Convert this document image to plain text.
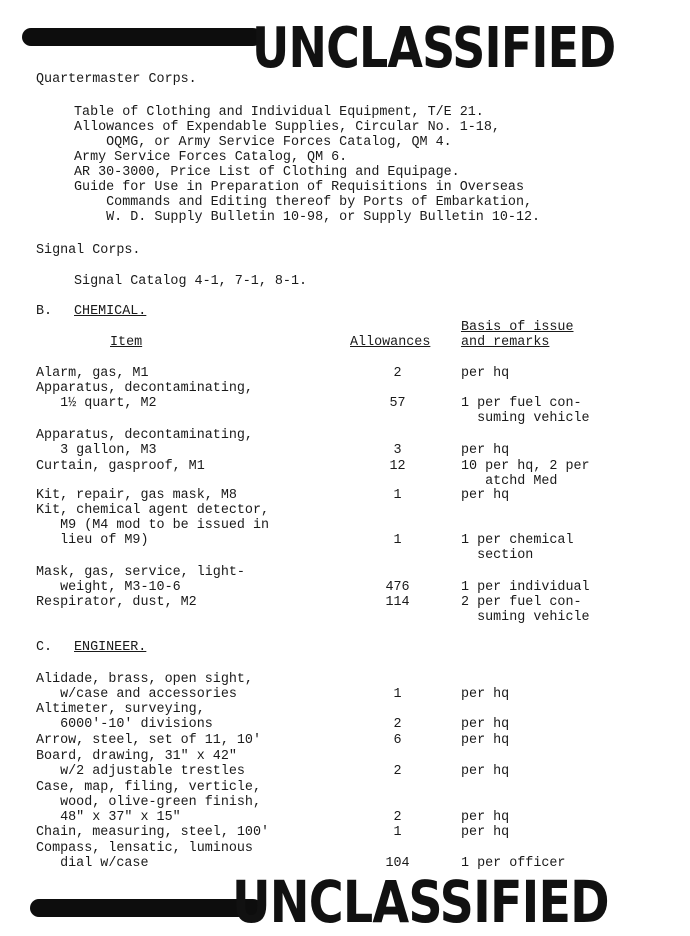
UNCLASSIFIED
Quartermaster Corps.
Table of Clothing and Individual Equipment, T/E 21.
Allowances of Expendable Supplies, Circular No. 1-18,
OQMG, or Army Service Forces Catalog, QM 4.
Army Service Forces Catalog, QM 6.
AR 30-3000, Price List of Clothing and Equipage.
Guide for Use in Preparation of Requisitions in Overseas
Commands and Editing thereof by Ports of Embarkation,
W. D. Supply Bulletin 10-98, or Supply Bulletin 10-12.
Signal Corps.
Signal Catalog 4-1, 7-1, 8-1.
B. CHEMICAL.
Item	Allowances
Basis of issue
and remarks
Alarm, gas, M1	2	per hq
Apparatus, decontaminating,
1½ quart, M2	57	1 per fuel con-
suming vehicle
Apparatus, decontaminating,
3 gallon, M3	3	per hq
Curtain, gasproof, M1	12	10 per hq, 2 per
atchd Med
Kit, repair, gas mask, M8	1	per hq
Kit, chemical agent detector,
M9 (M4 mod to be issued in
lieu of M9)	1	1 per chemical
section
Mask, gas, service, light-
weight, M3-10-6	476	1 per individual
Respirator, dust, M2	114	2 per fuel con-
suming vehicle
C. ENGINEER.
Alidade, brass, open sight,
w/case and accessories	1	per hq
Altimeter, surveying,
6000'-10' divisions	2	per hq
Arrow, steel, set of 11, 10'	6	per hq
Board, drawing, 31" x 42"
w/2 adjustable trestles	2	per hq
Case, map, filing, verticle,
wood, olive-green finish,
48" x 37" x 15"	2	per hq
Chain, measuring, steel, 100'	1	per hq
Compass, lensatic, luminous
dial w/case	104	1 per officer
UNCLASSIFIED
